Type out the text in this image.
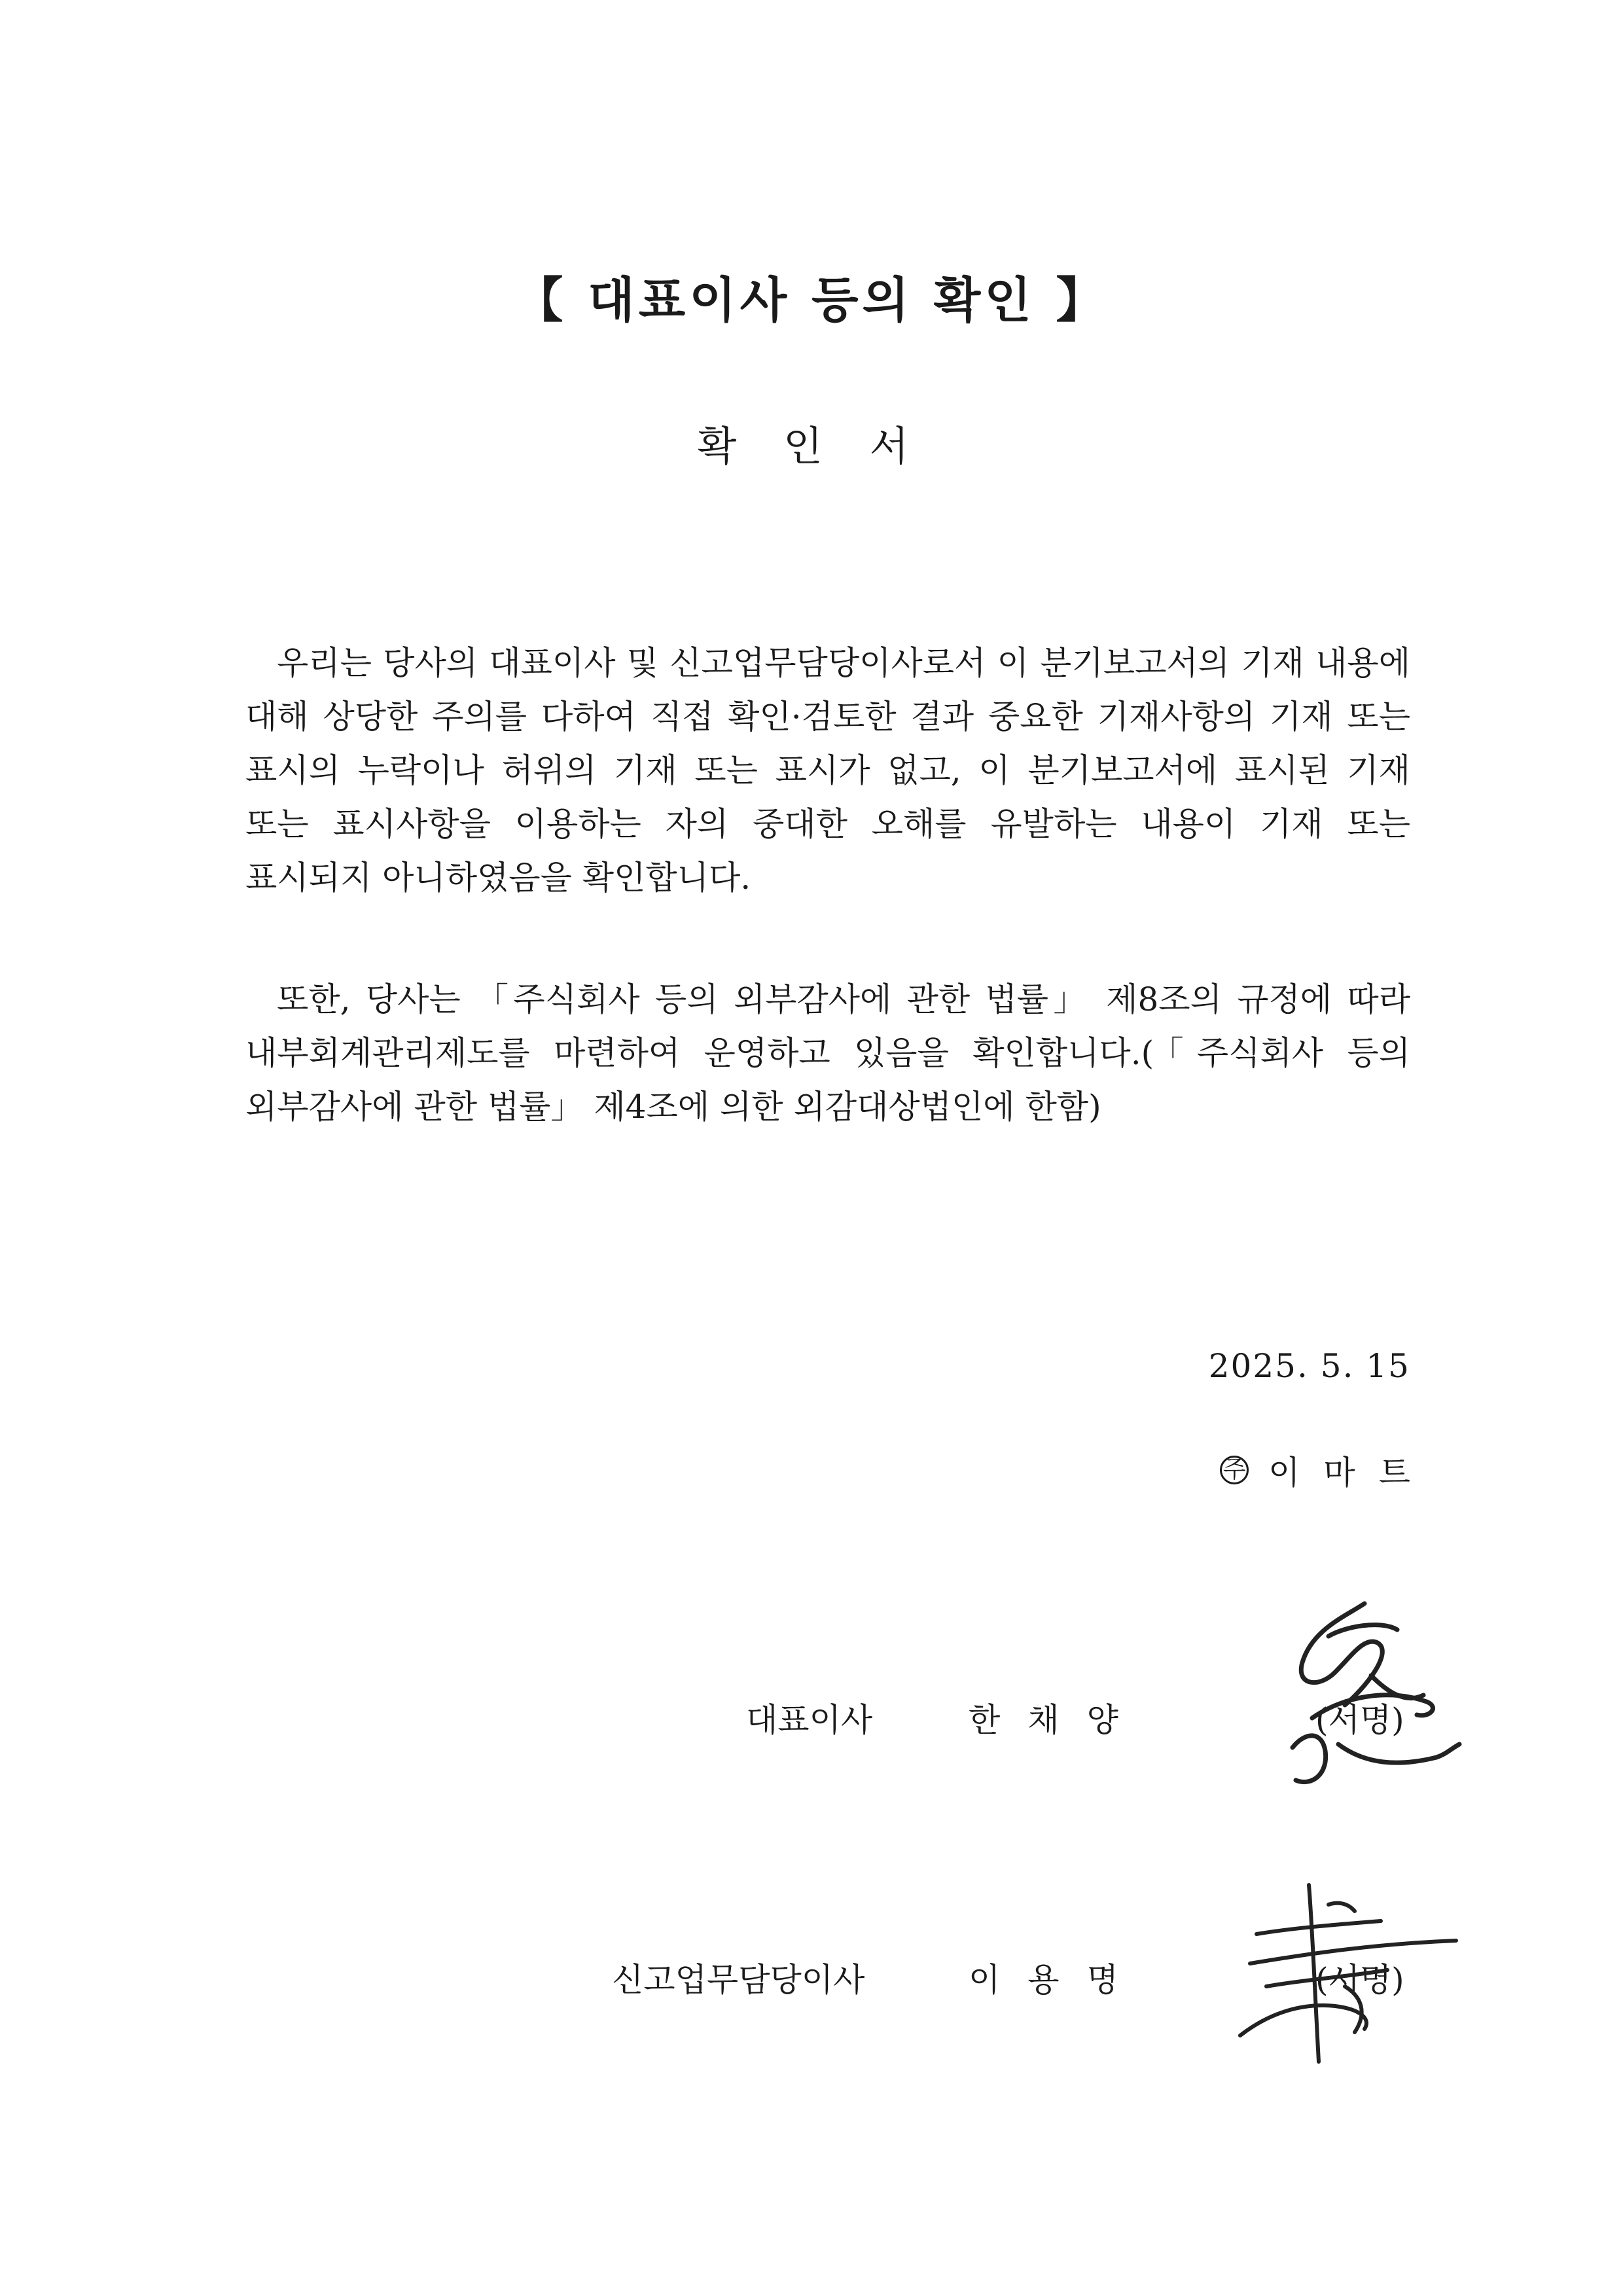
【 대표이사 등의 확인 】
확 인 서

우리는 당사의 대표이사 및 신고업무담당이사로서 이 분기보고서의 기재 내용에 대해 상당한 주의를 다하여 직접 확인·검토한 결과 중요한 기재사항의 기재 또는 표시의 누락이나 허위의 기재 또는 표시가 없고, 이 분기보고서에 표시된 기재 또는 표시사항을 이용하는 자의 중대한 오해를 유발하는 내용이 기재 또는 표시되지 아니하였음을 확인합니다.

또한, 당사는 「주식회사 등의 외부감사에 관한 법률」 제8조의 규정에 따라 내부회계관리제도를 마련하여 운영하고 있음을 확인합니다.(「주식회사 등의 외부감사에 관한 법률」 제4조에 의한 외감대상법인에 한함)

2025. 5. 15
주 이마트
대표이사	한채양	(서명)
신고업무담당이사	이용명	(서명)
